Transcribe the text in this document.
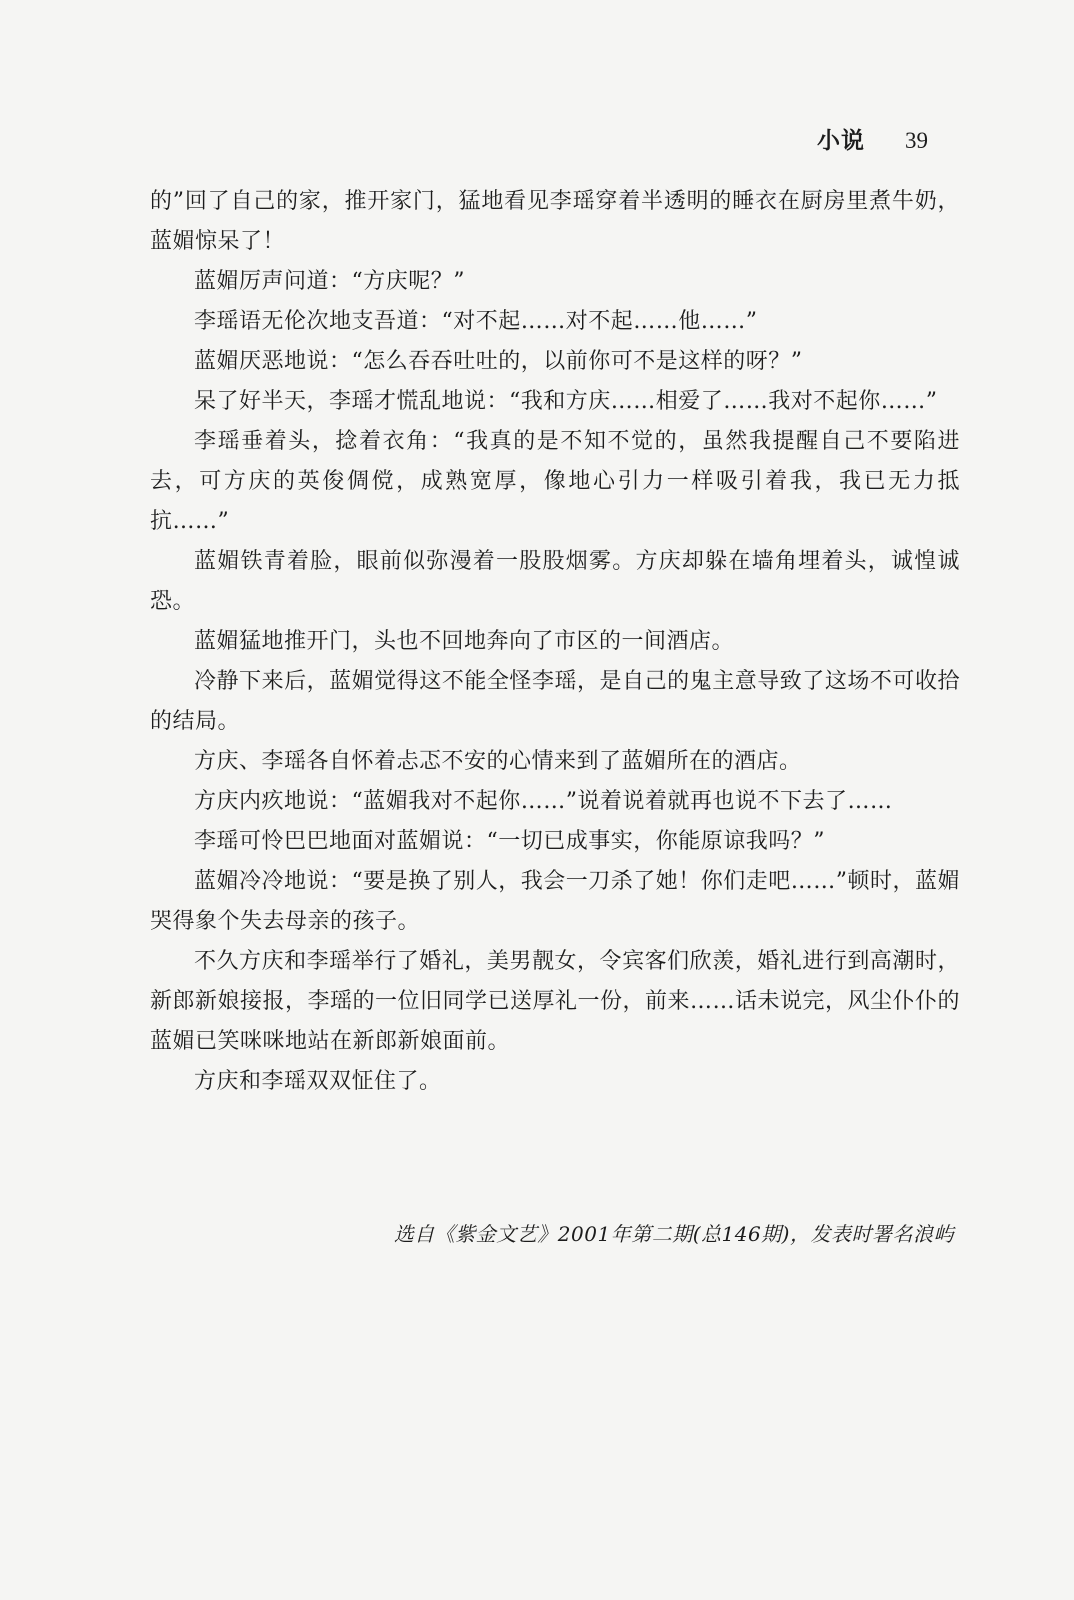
小说 39

的”回了自己的家，推开家门，猛地看见李瑶穿着半透明的睡衣在厨房里煮牛奶，蓝媚惊呆了！

蓝媚厉声问道：“方庆呢？”

李瑶语无伦次地支吾道：“对不起……对不起……他……”

蓝媚厌恶地说：“怎么吞吞吐吐的，以前你可不是这样的呀？”

呆了好半天，李瑶才慌乱地说：“我和方庆……相爱了……我对不起你……”

李瑶垂着头，捻着衣角：“我真的是不知不觉的，虽然我提醒自己不要陷进去，可方庆的英俊倜傥，成熟宽厚，像地心引力一样吸引着我，我已无力抵抗……”

蓝媚铁青着脸，眼前似弥漫着一股股烟雾。方庆却躲在墙角埋着头，诚惶诚恐。

蓝媚猛地推开门，头也不回地奔向了市区的一间酒店。

冷静下来后，蓝媚觉得这不能全怪李瑶，是自己的鬼主意导致了这场不可收拾的结局。

方庆、李瑶各自怀着忐忑不安的心情来到了蓝媚所在的酒店。

方庆内疚地说：“蓝媚我对不起你……”说着说着就再也说不下去了……

李瑶可怜巴巴地面对蓝媚说：“一切已成事实，你能原谅我吗？”

蓝媚冷冷地说：“要是换了别人，我会一刀杀了她！你们走吧……”顿时，蓝媚哭得象个失去母亲的孩子。

不久方庆和李瑶举行了婚礼，美男靓女，令宾客们欣羡，婚礼进行到高潮时，新郎新娘接报，李瑶的一位旧同学已送厚礼一份，前来……话未说完，风尘仆仆的蓝媚已笑咪咪地站在新郎新娘面前。

方庆和李瑶双双怔住了。

选自《紫金文艺》2001年第二期(总146期)，发表时署名浪屿
